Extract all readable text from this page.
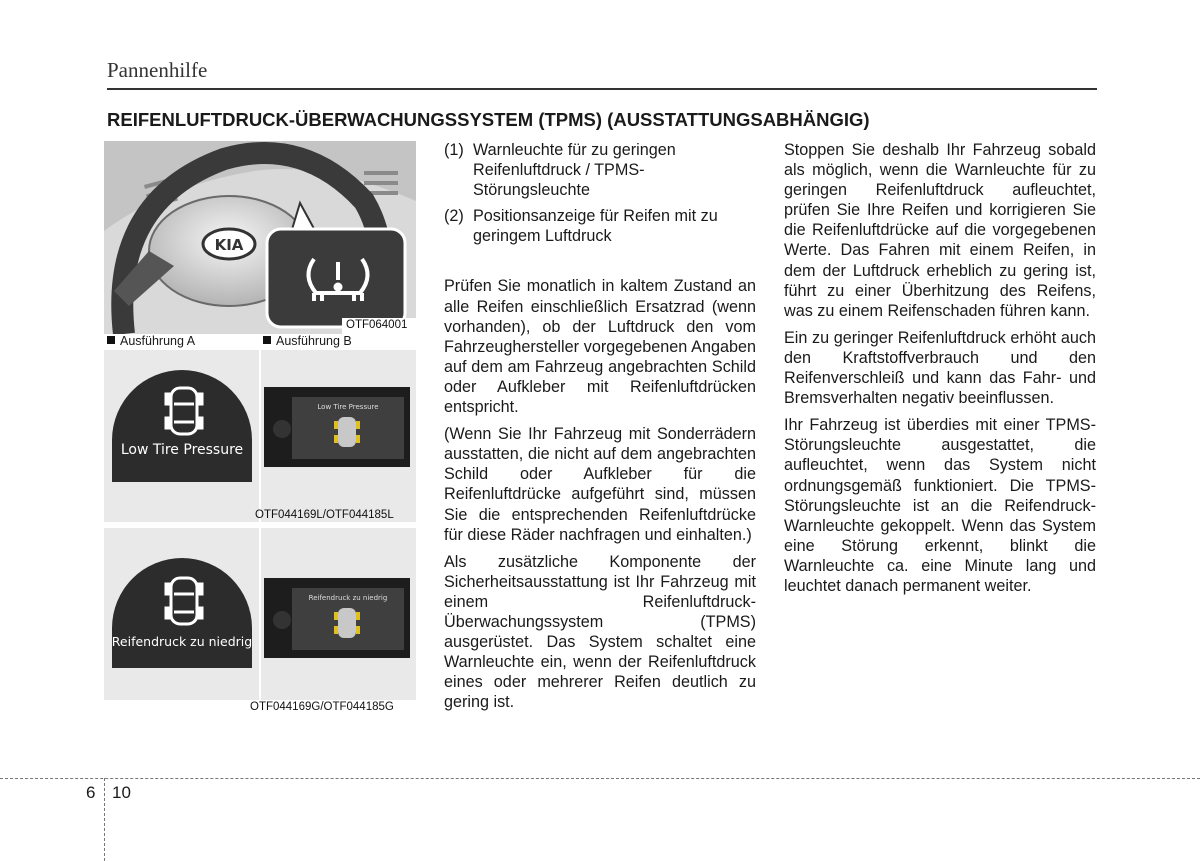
Pannenhilfe
REIFENLUFTDRUCK-ÜBERWACHUNGSSYSTEM (TPMS) (AUSSTATTUNGSABHÄNGIG)
KIA
OTF064001
Ausführung A	Ausführung B
Low Tire Pressure
Low Tire Pressure
OTF044169L/OTF044185L
Reifendruck zu niedrig
Reifendruck zu niedrig
OTF044169G/OTF044185G
(1) Warnleuchte für zu geringen Reifenluftdruck / TPMS-Störungsleuchte
(2) Positionsanzeige für Reifen mit zu geringem Luftdruck

Prüfen Sie monatlich in kaltem Zustand an alle Reifen einschließlich Ersatzrad (wenn vorhanden), ob der Luftdruck den vom Fahrzeughersteller vorgegebenen Angaben auf dem am Fahrzeug angebrachten Schild oder Aufkleber mit Reifenluftdrücken entspricht.

(Wenn Sie Ihr Fahrzeug mit Sonderrädern ausstatten, die nicht auf dem angebrachten Schild oder Aufkleber für die Reifenluftdrücke aufgeführt sind, müssen Sie die entsprechenden Reifenluftdrücke für diese Räder nachfragen und einhalten.)

Als zusätzliche Komponente der Sicherheitsausstattung ist Ihr Fahrzeug mit einem Reifenluftdruck-Überwachungssystem (TPMS) ausgerüstet. Das System schaltet eine Warnleuchte ein, wenn der Reifenluftdruck eines oder mehrerer Reifen deutlich zu gering ist.

Stoppen Sie deshalb Ihr Fahrzeug sobald als möglich, wenn die Warnleuchte für zu geringen Reifenluftdruck aufleuchtet, prüfen Sie Ihre Reifen und korrigieren Sie die Reifenluftdrücke auf die vorgegebenen Werte. Das Fahren mit einem Reifen, in dem der Luftdruck erheblich zu gering ist, führt zu einer Überhitzung des Reifens, was zu einem Reifenschaden führen kann.

Ein zu geringer Reifenluftdruck erhöht auch den Kraftstoffverbrauch und den Reifenverschleiß und kann das Fahr- und Bremsverhalten negativ beeinflussen.

Ihr Fahrzeug ist überdies mit einer TPMS-Störungsleuchte ausgestattet, die aufleuchtet, wenn das System nicht ordnungsgemäß funktioniert. Die TPMS-Störungsleuchte ist an die Reifendruck-Warnleuchte gekoppelt. Wenn das System eine Störung erkennt, blinkt die Warnleuchte ca. eine Minute lang und leuchtet danach permanent weiter.

6 10
